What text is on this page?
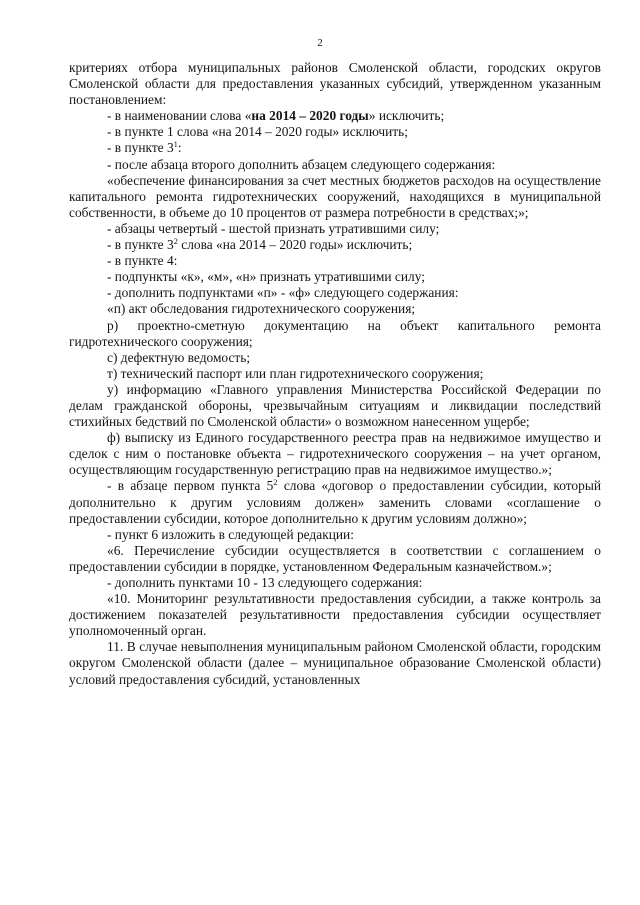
2
критериях отбора муниципальных районов Смоленской области, городских округов Смоленской области для предоставления указанных субсидий, утвержденном указанным постановлением:
- в наименовании слова «на 2014 – 2020 годы» исключить;
- в пункте 1 слова «на 2014 – 2020 годы» исключить;
- в пункте $3^1$:
- после абзаца второго дополнить абзацем следующего содержания:
«обеспечение финансирования за счет местных бюджетов расходов на осуществление капитального ремонта гидротехнических сооружений, находящихся в муниципальной собственности, в объеме до 10 процентов от размера потребности в средствах;»;
- абзацы четвертый - шестой признать утратившими силу;
- в пункте $3^2$ слова «на 2014 – 2020 годы» исключить;
- в пункте 4:
- подпункты «к», «м», «н» признать утратившими силу;
- дополнить подпунктами «п» - «ф» следующего содержания:
«п) акт обследования гидротехнического сооружения;
р) проектно-сметную документацию на объект капитального ремонта гидротехнического сооружения;
с) дефектную ведомость;
т) технический паспорт или план гидротехнического сооружения;
у) информацию «Главного управления Министерства Российской Федерации по делам гражданской обороны, чрезвычайным ситуациям и ликвидации последствий стихийных бедствий по Смоленской области» о возможном нанесенном ущербе;
ф) выписку из Единого государственного реестра прав на недвижимое имущество и сделок с ним о постановке объекта – гидротехнического сооружения – на учет органом, осуществляющим государственную регистрацию прав на недвижимое имущество.»;
- в абзаце первом пункта $5^2$ слова «договор о предоставлении субсидии, который дополнительно к другим условиям должен» заменить словами «соглашение о предоставлении субсидии, которое дополнительно к другим условиям должно»;
- пункт 6 изложить в следующей редакции:
«6. Перечисление субсидии осуществляется в соответствии с соглашением о предоставлении субсидии в порядке, установленном Федеральным казначейством.»;
- дополнить пунктами 10 - 13 следующего содержания:
«10. Мониторинг результативности предоставления субсидии, а также контроль за достижением показателей результативности предоставления субсидии осуществляет уполномоченный орган.
11. В случае невыполнения муниципальным районом Смоленской области, городским округом Смоленской области (далее – муниципальное образование Смоленской области) условий предоставления субсидий, установленных
